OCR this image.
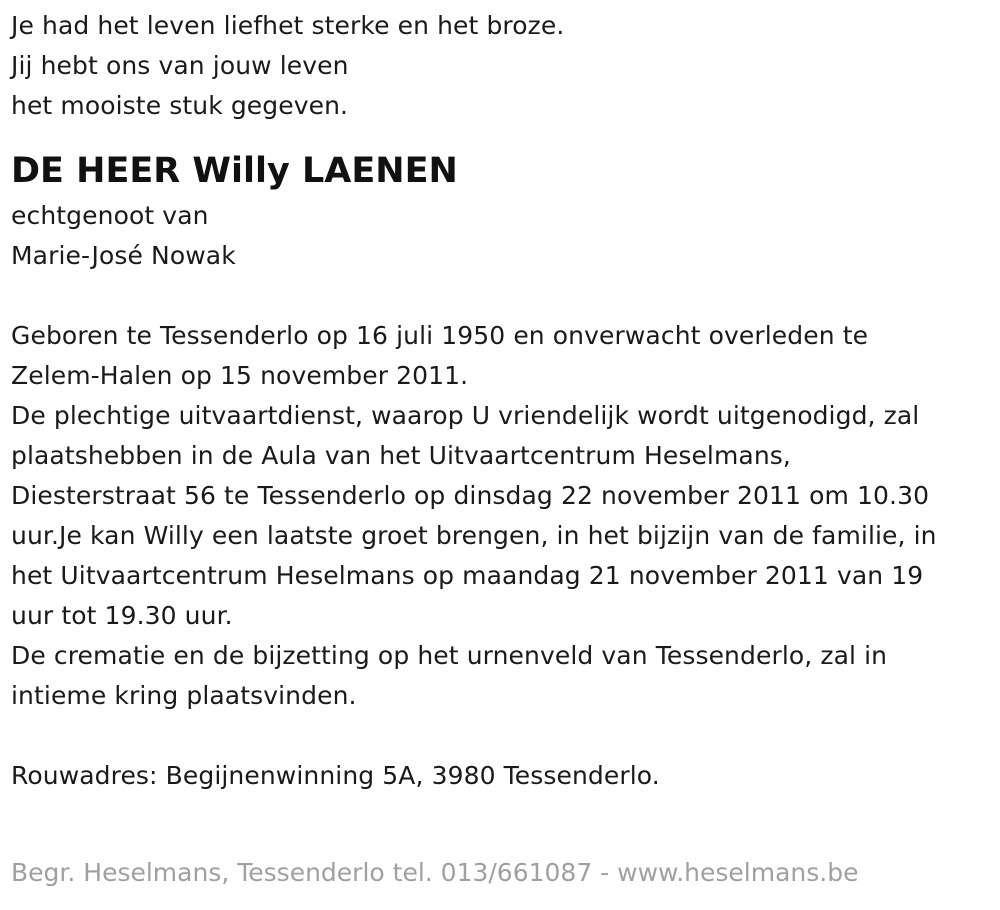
Je had het leven liefhet sterke en het broze.
Jij hebt ons van jouw leven
het mooiste stuk gegeven.
DE HEER Willy LAENEN
echtgenoot van
Marie-José Nowak
Geboren te Tessenderlo op 16 juli 1950 en onverwacht overleden te
Zelem-Halen op 15 november 2011.
De plechtige uitvaartdienst, waarop U vriendelijk wordt uitgenodigd, zal
plaatshebben in de Aula van het Uitvaartcentrum Heselmans,
Diesterstraat 56 te Tessenderlo op dinsdag 22 november 2011 om 10.30
uur.Je kan Willy een laatste groet brengen, in het bijzijn van de familie, in
het Uitvaartcentrum Heselmans op maandag 21 november 2011 van 19
uur tot 19.30 uur.
De crematie en de bijzetting op het urnenveld van Tessenderlo, zal in
intieme kring plaatsvinden.
Rouwadres: Begijnenwinning 5A, 3980 Tessenderlo.
Begr. Heselmans, Tessenderlo tel. 013/661087 - www.heselmans.be
